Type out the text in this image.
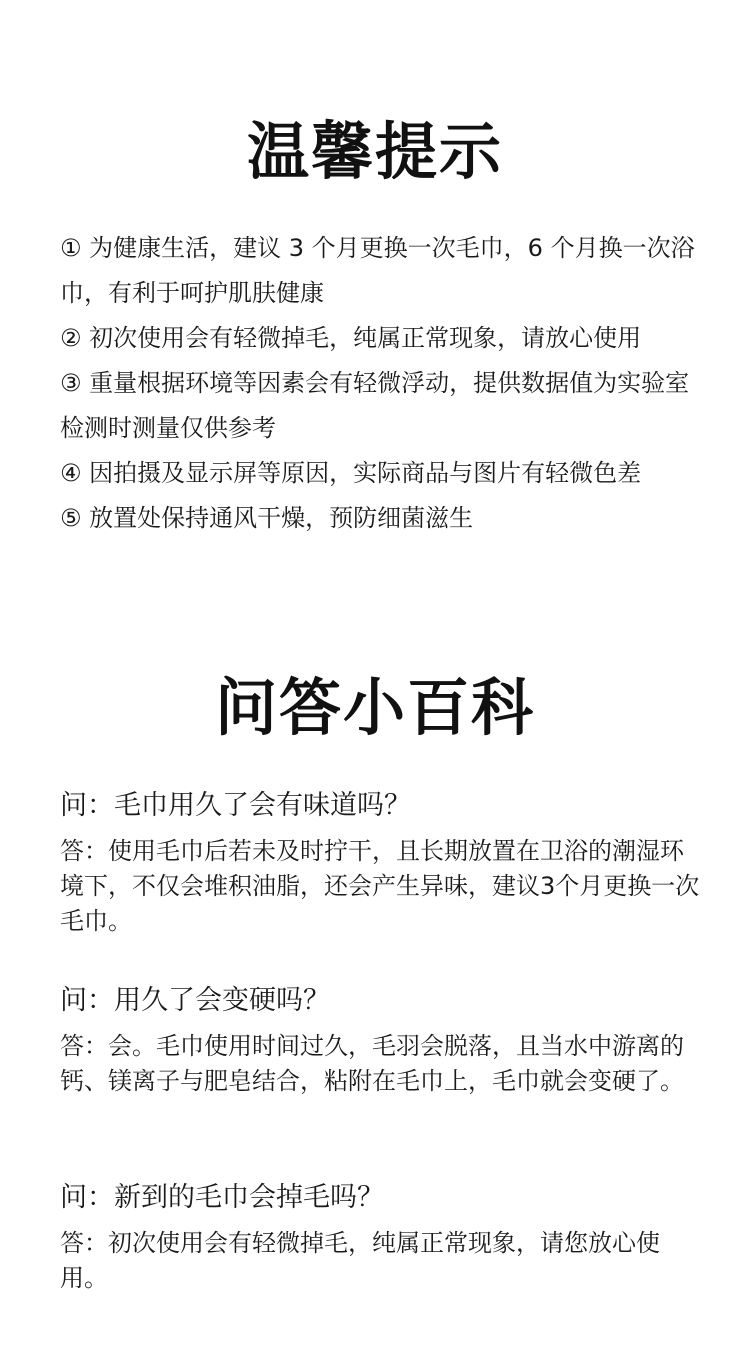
温馨提示
① 为健康生活，建议 3 个月更换一次毛巾，6 个月换一次浴巾，有利于呵护肌肤健康
② 初次使用会有轻微掉毛，纯属正常现象，请放心使用
③ 重量根据环境等因素会有轻微浮动，提供数据值为实验室检测时测量仅供参考
④ 因拍摄及显示屏等原因，实际商品与图片有轻微色差
⑤ 放置处保持通风干燥，预防细菌滋生
问答小百科

问：毛巾用久了会有味道吗？

答：使用毛巾后若未及时拧干，且长期放置在卫浴的潮湿环境下，不仅会堆积油脂，还会产生异味，建议3个月更换一次毛巾。

问：用久了会变硬吗？

答：会。毛巾使用时间过久，毛羽会脱落，且当水中游离的钙、镁离子与肥皂结合，粘附在毛巾上，毛巾就会变硬了。

问：新到的毛巾会掉毛吗？

答：初次使用会有轻微掉毛，纯属正常现象，请您放心使用。
